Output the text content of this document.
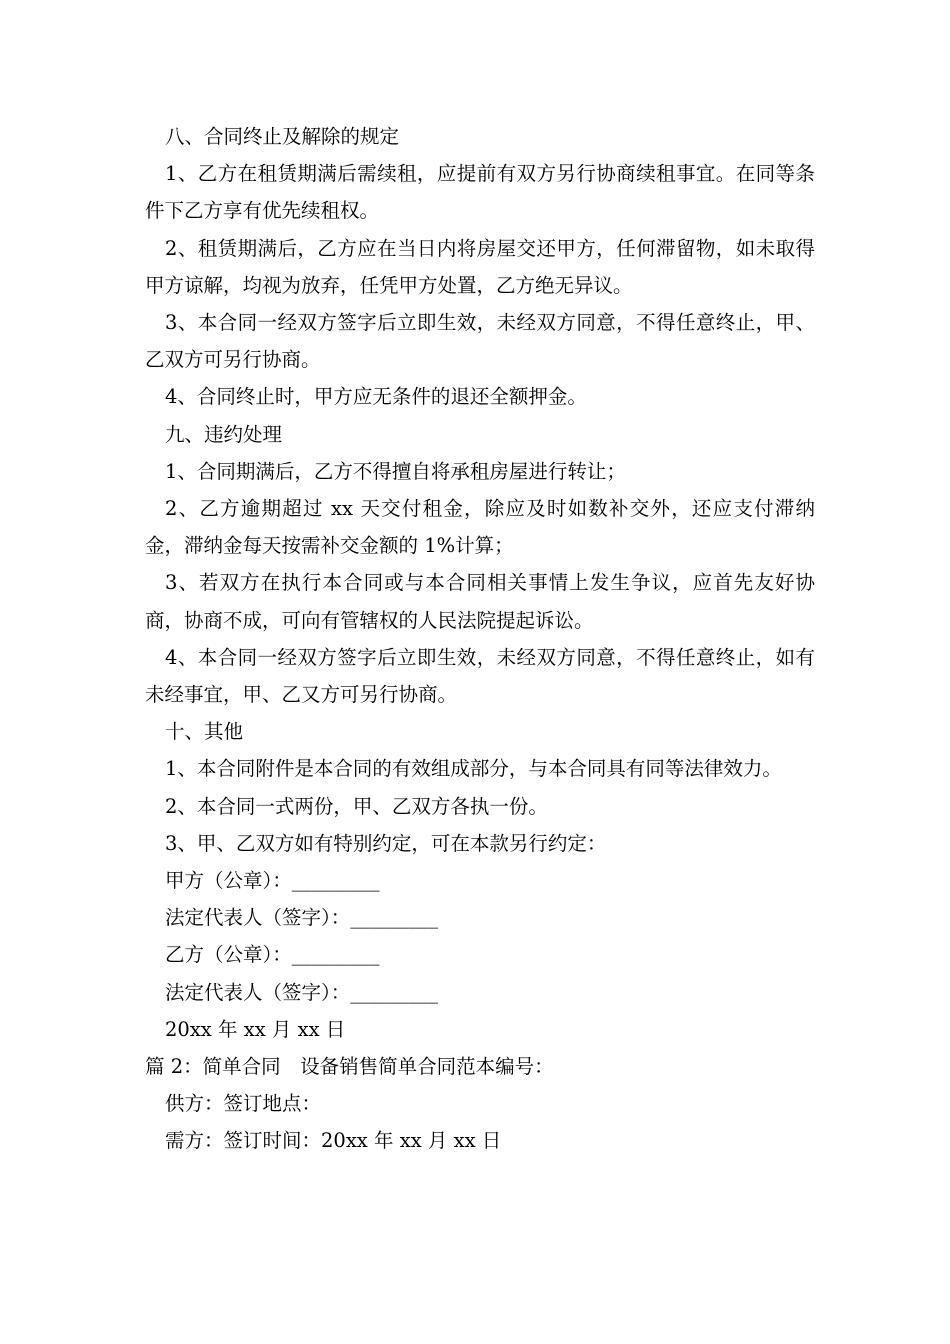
八、合同终止及解除的规定

1、乙方在租赁期满后需续租，应提前有双方另行协商续租事宜。在同等条件下乙方享有优先续租权。

2、租赁期满后，乙方应在当日内将房屋交还甲方，任何滞留物，如未取得甲方谅解，均视为放弃，任凭甲方处置，乙方绝无异议。

3、本合同一经双方签字后立即生效，未经双方同意，不得任意终止，甲、乙双方可另行协商。

4、合同终止时，甲方应无条件的退还全额押金。

九、违约处理

1、合同期满后，乙方不得擅自将承租房屋进行转让；

2、乙方逾期超过 xx 天交付租金，除应及时如数补交外，还应支付滞纳金，滞纳金每天按需补交金额的 1%计算；

3、若双方在执行本合同或与本合同相关事情上发生争议，应首先友好协商，协商不成，可向有管辖权的人民法院提起诉讼。

4、本合同一经双方签字后立即生效，未经双方同意，不得任意终止，如有未经事宜，甲、乙又方可另行协商。

十、其他

1、本合同附件是本合同的有效组成部分，与本合同具有同等法律效力。

2、本合同一式两份，甲、乙双方各执一份。

3、甲、乙双方如有特别约定，可在本款另行约定：

甲方（公章）：_________

法定代表人（签字）：_________

乙方（公章）：_________

法定代表人（签字）：_________

20xx 年 xx 月 xx 日

篇 2：简单合同　设备销售简单合同范本编号：

供方：签订地点：

需方：签订时间：20xx 年 xx 月 xx 日
